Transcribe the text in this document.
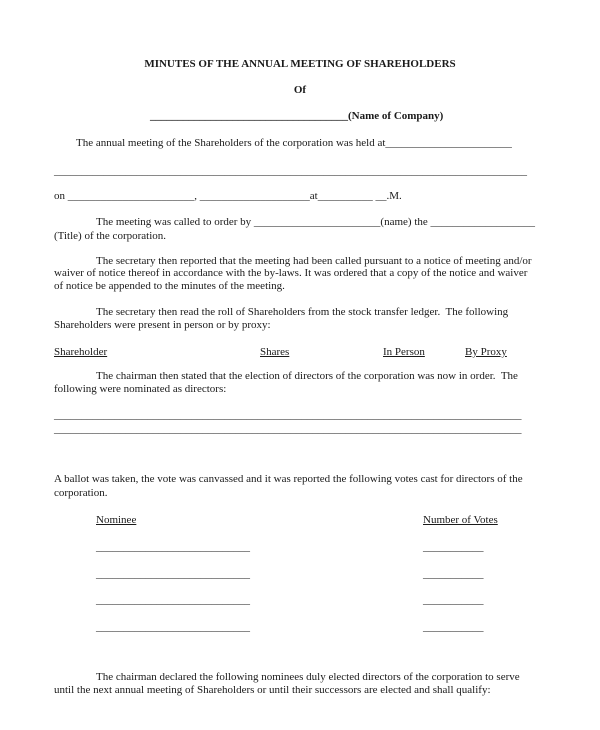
MINUTES OF THE ANNUAL MEETING OF SHAREHOLDERS
Of
____________________________________(Name of Company)
The annual meeting of the Shareholders of the corporation was held at_______________________
______________________________________________________________________________________
on _______________________, ____________________at__________ __.M.
The meeting was called to order by _______________________(name) the ___________________
(Title) of the corporation.
The secretary then reported that the meeting had been called pursuant to a notice of meeting and/or
waiver of notice thereof in accordance with the by-laws. It was ordered that a copy of the notice and waiver
of notice be appended to the minutes of the meeting.
The secretary then read the roll of Shareholders from the stock transfer ledger.  The following
Shareholders were present in person or by proxy:
Shareholder	Shares	In Person	By Proxy
The chairman then stated that the election of directors of the corporation was now in order.  The
following were nominated as directors:
_____________________________________________________________________________________
_____________________________________________________________________________________
A ballot was taken, the vote was canvassed and it was reported the following votes cast for directors of the
corporation.
Nominee	Number of Votes
____________________________	___________
____________________________	___________
____________________________	___________
____________________________	___________
The chairman declared the following nominees duly elected directors of the corporation to serve
until the next annual meeting of Shareholders or until their successors are elected and shall qualify:
